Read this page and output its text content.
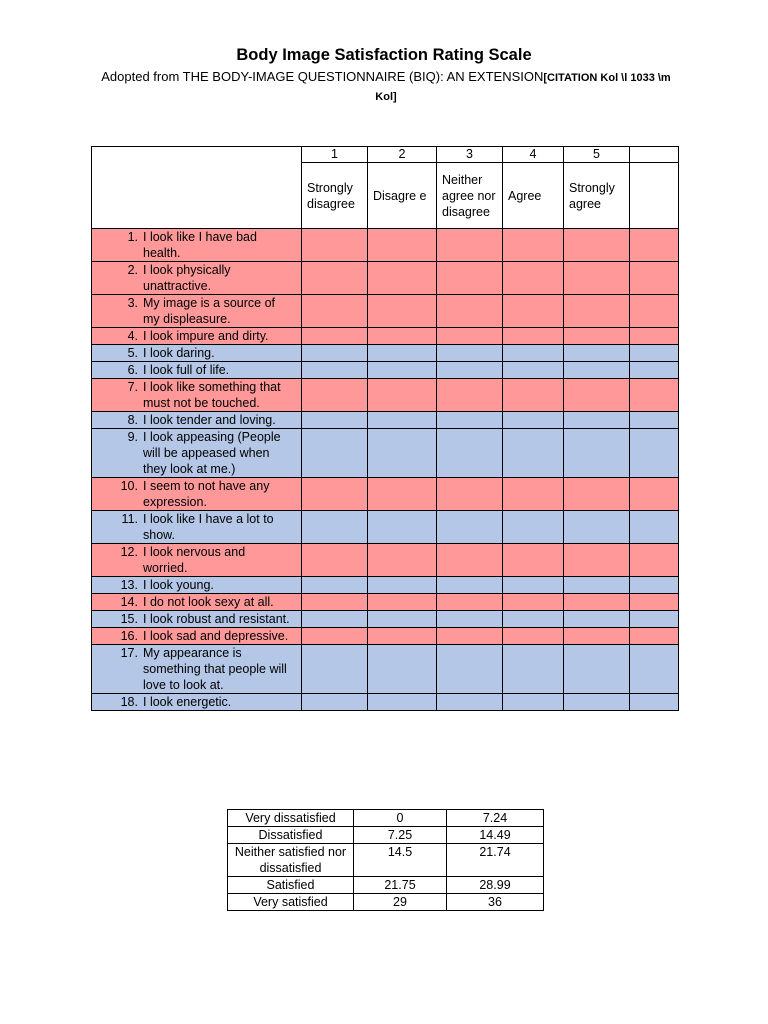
Body Image Satisfaction Rating Scale
Adopted from THE BODY-IMAGE QUESTIONNAIRE (BIQ): AN EXTENSION[CITATION Kol \l 1033 \m Kol]
	1	2	3	4	5	
	Strongly disagree	Disagre e	Neither agree nor disagree	Agree	Strongly agree	

1. I look like I have bad health.						

2. I look physically unattractive.						

3. My image is a source of my displeasure.						

4. I look impure and dirty.						

5. I look daring.						

6. I look full of life.						

7. I look like something that must not be touched.						

8. I look tender and loving.						

9. I look appeasing (People will be appeased when they look at me.)						

10. I seem to not have any expression.						

11. I look like I have a lot to show.						

12. I look nervous and worried.						

13. I look young.						

14. I do not look sexy at all.						

15. I look robust and resistant.						

16. I look sad and depressive.						

17. My appearance is something that people will love to look at.						

18. I look energetic.						

Very dissatisfied	0	7.24
Dissatisfied	7.25	14.49
Neither satisfied nor dissatisfied	14.5	21.74
Satisfied	21.75	28.99
Very satisfied	29	36
